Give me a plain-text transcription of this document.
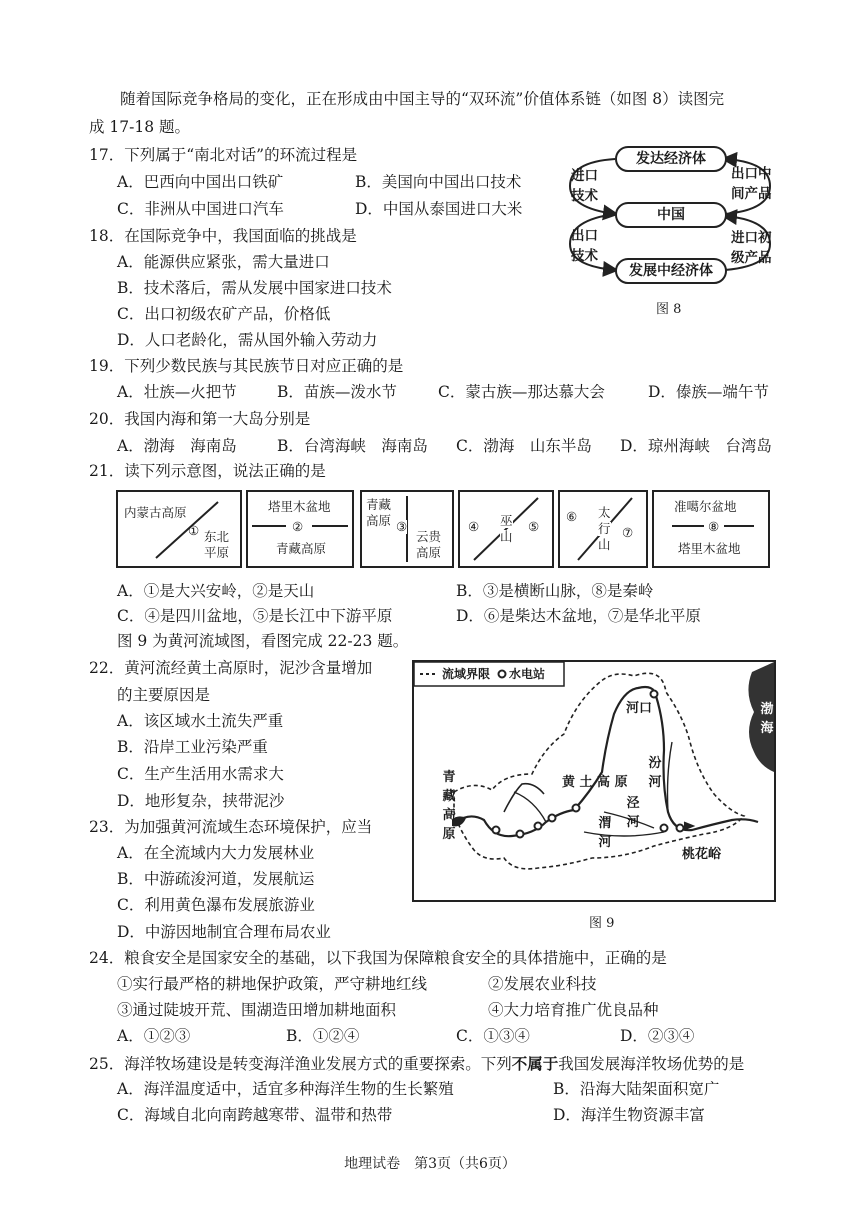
随着国际竞争格局的变化，正在形成由中国主导的“双环流”价值体系链（如图 8）读图完
成 17-18 题。
17．下列属于“南北对话”的环流过程是
A．巴西向中国出口铁矿	B．美国向中国出口技术
C．非洲从中国进口汽车	D．中国从泰国进口大米
18．在国际竞争中，我国面临的挑战是
A．能源供应紧张，需大量进口
B．技术落后，需从发展中国家进口技术
C．出口初级农矿产品，价格低
D．人口老龄化，需从国外输入劳动力
发达经济体
中国
发展中经济体
进口
技术
出口
技术
出口中
间产品
进口初
级产品
图 8
19．下列少数民族与其民族节日对应正确的是
A．壮族—火把节	B．苗族—泼水节	C．蒙古族—那达慕大会	D．傣族—端午节
20．我国内海和第一大岛分别是
A．渤海　海南岛	B．台湾海峡　海南岛 C．渤海　山东半岛 D．琼州海峡　台湾岛
21．读下列示意图，说法正确的是
内蒙古高原
① 东北
平原
塔里木盆地
②
青藏高原
青藏
高原 ③
云贵
高原
④ 巫
山
⑤
⑥ 太
行
山
⑦
准噶尔盆地
⑧
塔里木盆地
A．①是大兴安岭，②是天山	B．③是横断山脉，⑧是秦岭
C．④是四川盆地，⑤是长江中下游平原	D．⑥是柴达木盆地，⑦是华北平原
图 9 为黄河流域图，看图完成 22-23 题。
22．黄河流经黄土高原时，泥沙含量增加
的主要原因是
A．该区域水土流失严重
B．沿岸工业污染严重
C．生产生活用水需求大
D．地形复杂，挟带泥沙
23．为加强黄河流域生态环境保护，应当
A．在全流域内大力发展林业
B．中游疏浚河道，发展航运
C．利用黄色瀑布发展旅游业
D．中游因地制宜合理布局农业
流域界限 水电站
河口	渤
海
青
藏
高
原
黄 土 高 原
汾
河
泾
河
渭
河
桃花峪
图 9
24．粮食安全是国家安全的基础，以下我国为保障粮食安全的具体措施中，正确的是
①实行最严格的耕地保护政策，严守耕地红线	②发展农业科技
③通过陡坡开荒、围湖造田增加耕地面积	④大力培育推广优良品种
A．①②③	B．①②④	C．①③④	D．②③④
25．海洋牧场建设是转变海洋渔业发展方式的重要探索。下列不属于我国发展海洋牧场优势的是
A．海洋温度适中，适宜多种海洋生物的生长繁殖	B．沿海大陆架面积宽广
C．海域自北向南跨越寒带、温带和热带	D．海洋生物资源丰富
地理试卷　第3页（共6页）
